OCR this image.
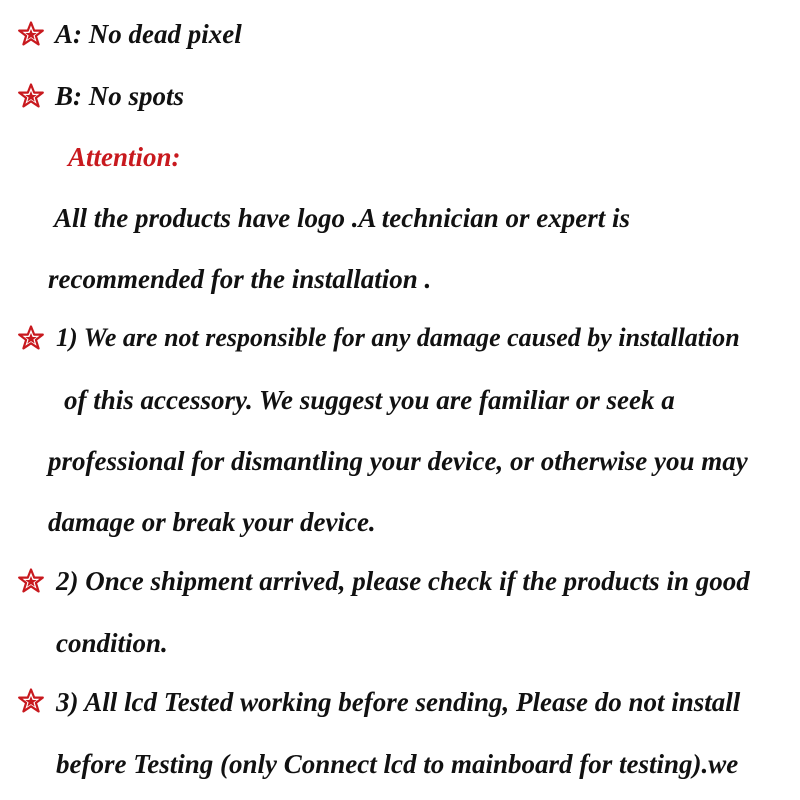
A: No dead pixel
B: No spots
Attention:
All the products have logo .A technician or expert is
recommended for the installation .
1) We are not responsible for any damage caused by installation
of this accessory. We suggest you are familiar or seek a
professional for dismantling your device, or otherwise you may
damage or break your device.
2) Once shipment arrived, please check if the products in good
condition.
3) All lcd Tested working before sending, Please do not install
before Testing (only Connect lcd to mainboard for testing).we
